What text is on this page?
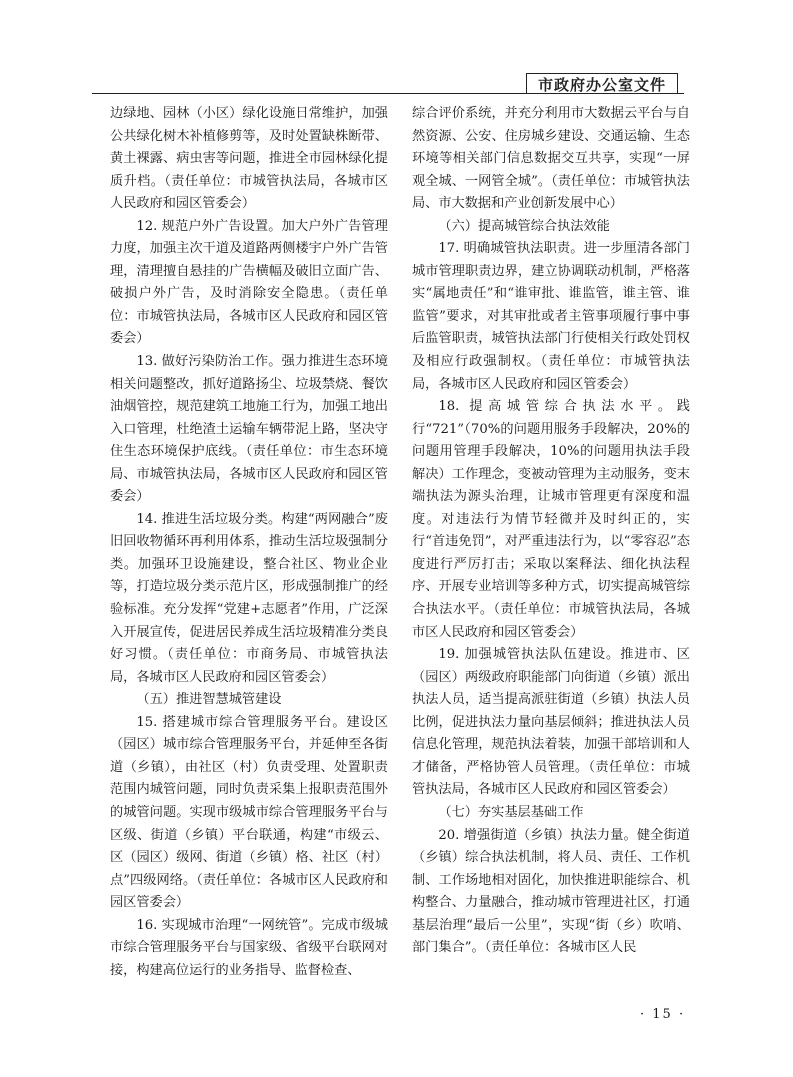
市政府办公室文件

边绿地、园林（小区）绿化设施日常维护，加强公共绿化树木补植修剪等，及时处置缺株断带、黄土裸露、病虫害等问题，推进全市园林绿化提质升档。（责任单位：市城管执法局，各城市区人民政府和园区管委会）

12. 规范户外广告设置。加大户外广告管理力度，加强主次干道及道路两侧楼宇户外广告管理，清理擅自悬挂的广告横幅及破旧立面广告、破损户外广告，及时消除安全隐患。（责任单位：市城管执法局，各城市区人民政府和园区管委会）

13. 做好污染防治工作。强力推进生态环境相关问题整改，抓好道路扬尘、垃圾禁烧、餐饮油烟管控，规范建筑工地施工行为，加强工地出入口管理，杜绝渣土运输车辆带泥上路，坚决守住生态环境保护底线。（责任单位：市生态环境局、市城管执法局，各城市区人民政府和园区管委会）

14. 推进生活垃圾分类。构建“两网融合”废旧回收物循环再利用体系，推动生活垃圾强制分类。加强环卫设施建设，整合社区、物业企业等，打造垃圾分类示范片区，形成强制推广的经验标准。充分发挥“党建+志愿者”作用，广泛深入开展宣传，促进居民养成生活垃圾精准分类良好习惯。（责任单位：市商务局、市城管执法局，各城市区人民政府和园区管委会）

（五）推进智慧城管建设

15. 搭建城市综合管理服务平台。建设区（园区）城市综合管理服务平台，并延伸至各街道（乡镇），由社区（村）负责受理、处置职责范围内城管问题，同时负责采集上报职责范围外的城管问题。实现市级城市综合管理服务平台与区级、街道（乡镇）平台联通，构建“市级云、区（园区）级网、街道（乡镇）格、社区（村）点”四级网络。（责任单位：各城市区人民政府和园区管委会）

16. 实现城市治理“一网统管”。完成市级城市综合管理服务平台与国家级、省级平台联网对接，构建高位运行的业务指导、监督检查、

综合评价系统，并充分利用市大数据云平台与自然资源、公安、住房城乡建设、交通运输、生态环境等相关部门信息数据交互共享，实现“一屏观全城、一网管全城”。（责任单位：市城管执法局、市大数据和产业创新发展中心）

（六）提高城管综合执法效能

17. 明确城管执法职责。进一步厘清各部门城市管理职责边界，建立协调联动机制，严格落实“属地责任”和“谁审批、谁监管，谁主管、谁监管”要求，对其审批或者主管事项履行事中事后监管职责，城管执法部门行使相关行政处罚权及相应行政强制权。（责任单位：市城管执法局，各城市区人民政府和园区管委会）

18. 提高城管综合执法水平。践行“721”（70%的问题用服务手段解决，20%的问题用管理手段解决，10%的问题用执法手段解决）工作理念，变被动管理为主动服务，变末端执法为源头治理，让城市管理更有深度和温度。对违法行为情节轻微并及时纠正的，实行“首违免罚”，对严重违法行为，以“零容忍”态度进行严厉打击；采取以案释法、细化执法程序、开展专业培训等多种方式，切实提高城管综合执法水平。（责任单位：市城管执法局，各城市区人民政府和园区管委会）

19. 加强城管执法队伍建设。推进市、区（园区）两级政府职能部门向街道（乡镇）派出执法人员，适当提高派驻街道（乡镇）执法人员比例，促进执法力量向基层倾斜；推进执法人员信息化管理，规范执法着装，加强干部培训和人才储备，严格协管人员管理。（责任单位：市城管执法局，各城市区人民政府和园区管委会）

（七）夯实基层基础工作

20. 增强街道（乡镇）执法力量。健全街道（乡镇）综合执法机制，将人员、责任、工作机制、工作场地相对固化，加快推进职能综合、机构整合、力量融合，推动城市管理进社区，打通基层治理“最后一公里”，实现“街（乡）吹哨、部门集合”。（责任单位：各城市区人民

· 15 ·
